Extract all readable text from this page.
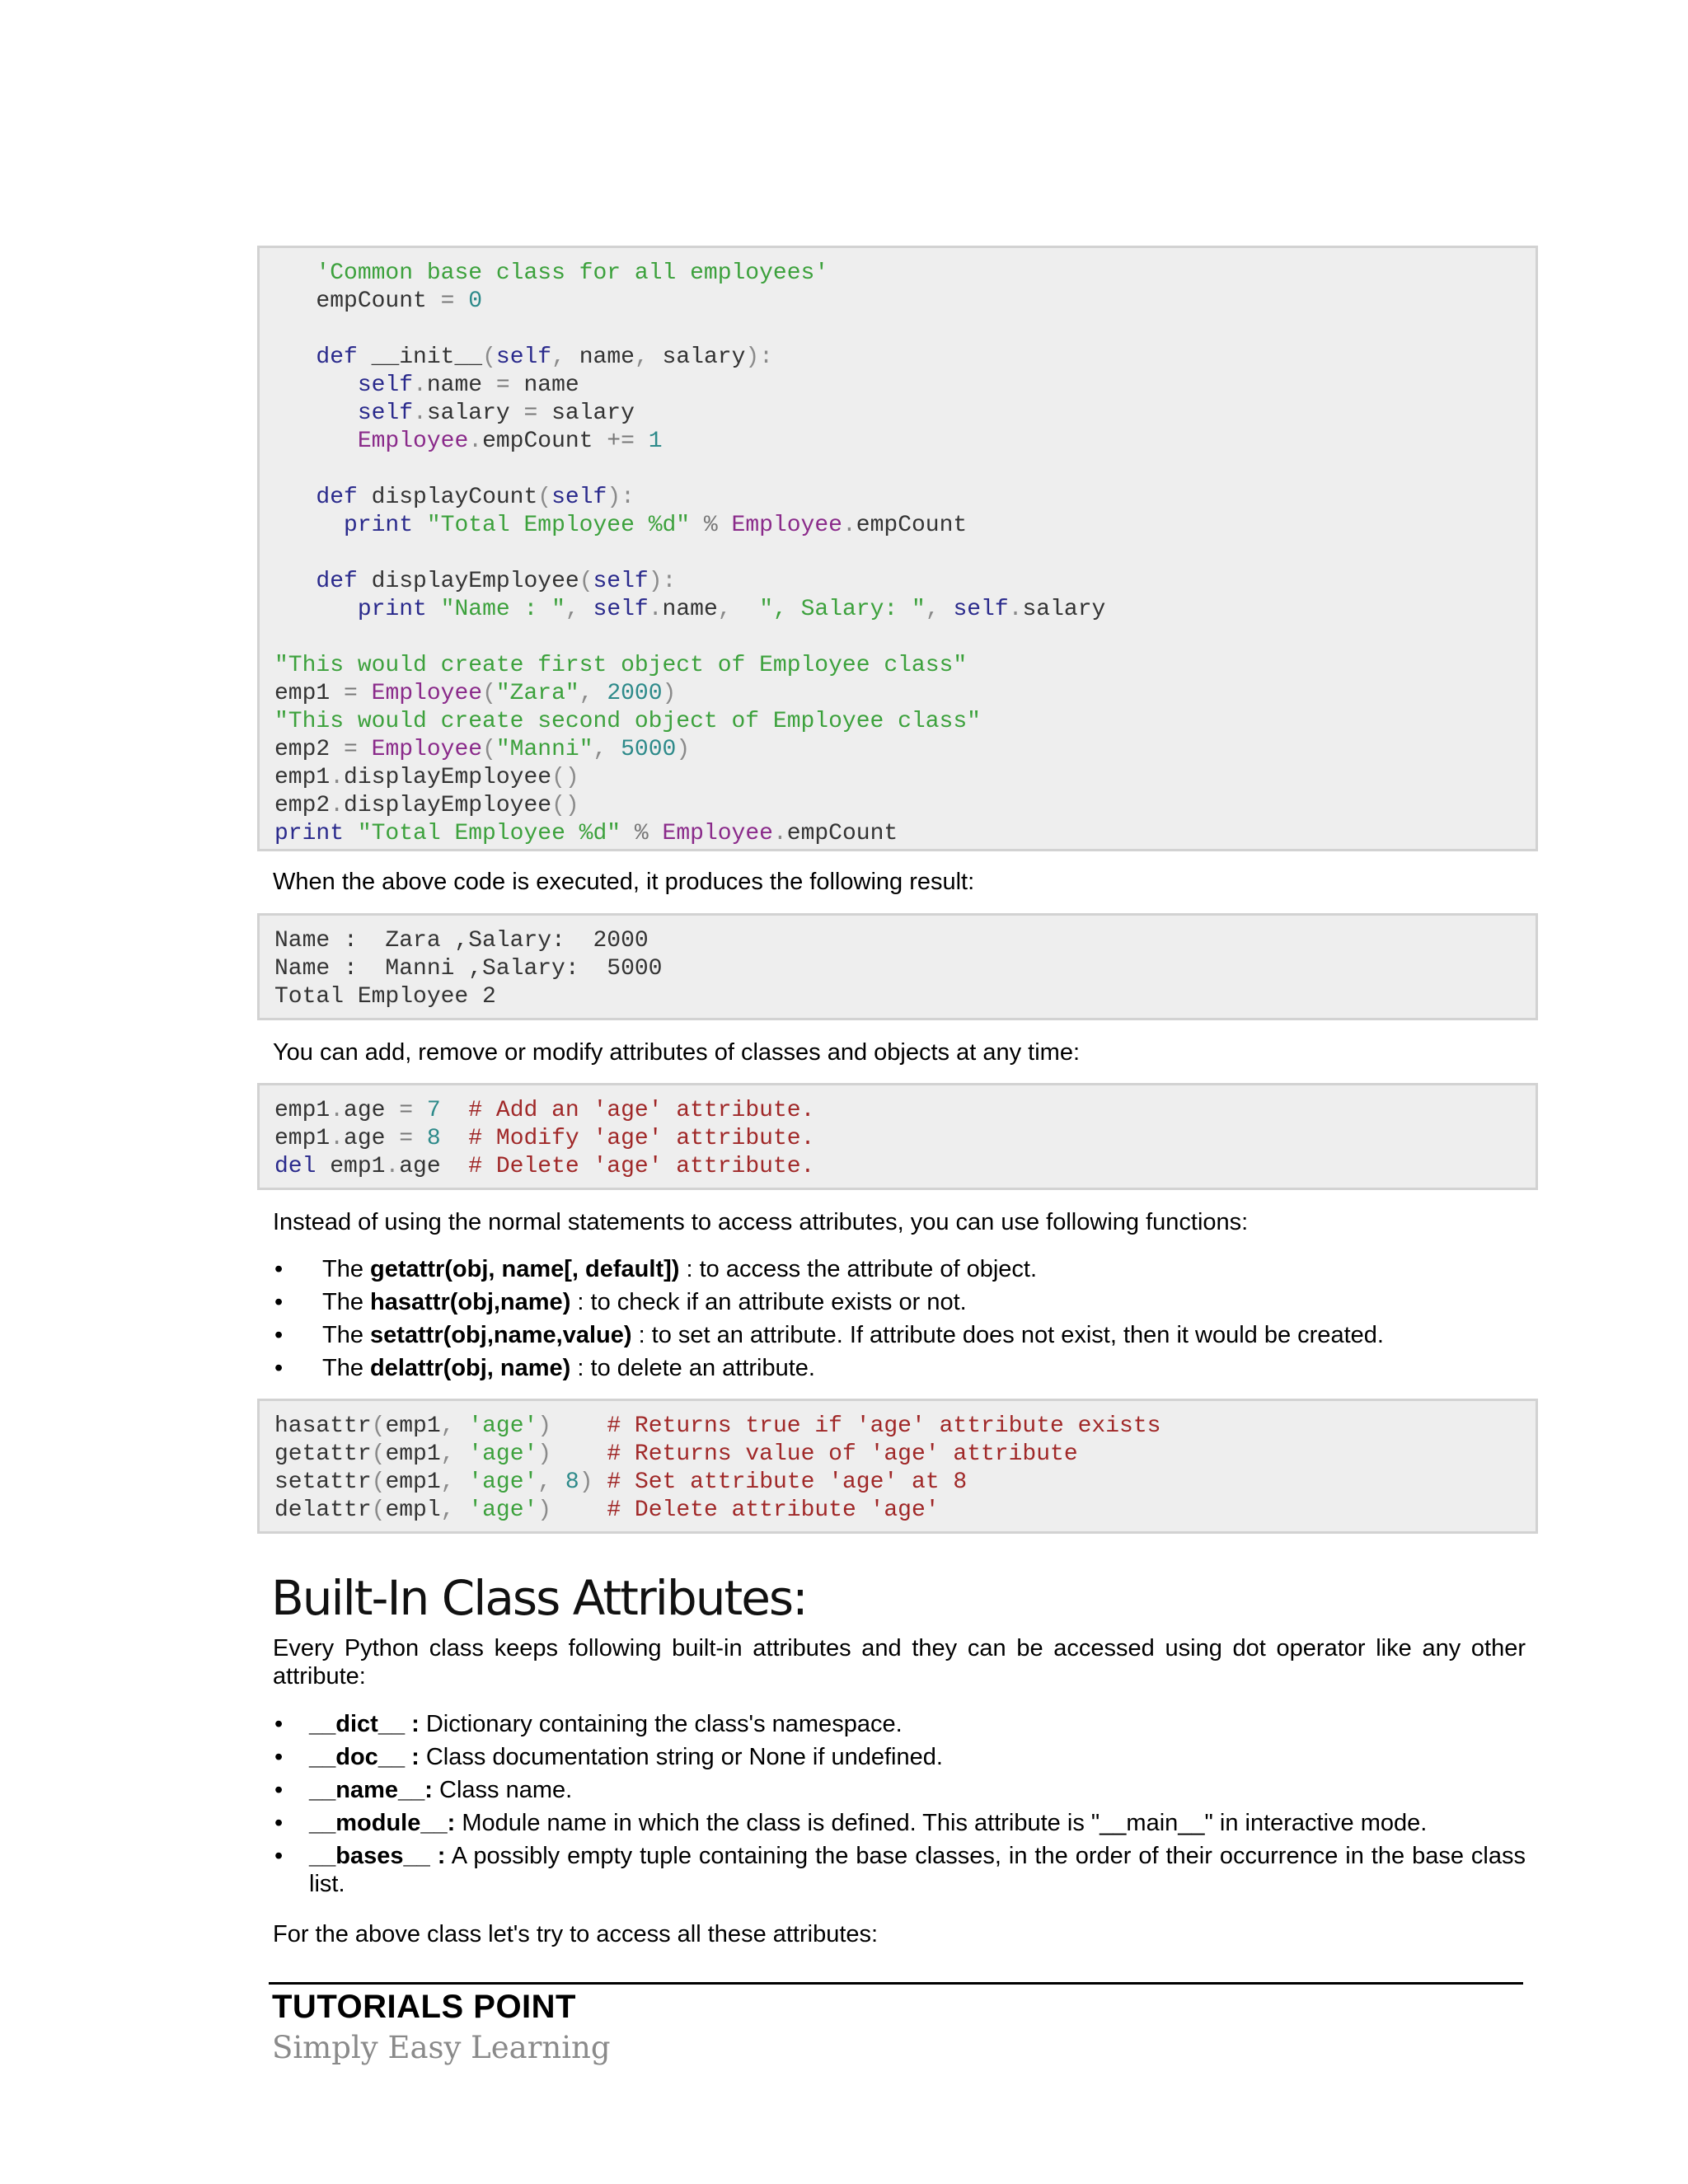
'Common base class for all employees'
empCount = 0
def __init__(self, name, salary):
self.name = name
self.salary = salary
Employee.empCount += 1
def displayCount(self):
print "Total Employee %d" % Employee.empCount
def displayEmployee(self):
print "Name : ", self.name, ", Salary: ", self.salary
"This would create first object of Employee class"
emp1 = Employee("Zara", 2000)
"This would create second object of Employee class"
emp2 = Employee("Manni", 5000)
emp1.displayEmployee()
emp2.displayEmployee()
print "Total Employee %d" % Employee.empCount

When the above code is executed, it produces the following result:

Name :  Zara ,Salary:  2000
Name :  Manni ,Salary:  5000
Total Employee 2

You can add, remove or modify attributes of classes and objects at any time:

emp1.age = 7 # Add an 'age' attribute.
emp1.age = 8 # Modify 'age' attribute.
del emp1.age  # Delete 'age' attribute.

Instead of using the normal statements to access attributes, you can use following functions:

• The getattr(obj, name[, default]) : to access the attribute of object.
• The hasattr(obj,name) : to check if an attribute exists or not.
• The setattr(obj,name,value) : to set an attribute. If attribute does not exist, then it would be created.
• The delattr(obj, name) : to delete an attribute.
hasattr(emp1, 'age') # Returns true if 'age' attribute exists
getattr(emp1, 'age') # Returns value of 'age' attribute
setattr(emp1, 'age', 8) # Set attribute 'age' at 8
delattr(empl, 'age') # Delete attribute 'age'
Built-In Class Attributes:

Every Python class keeps following built-in attributes and they can be accessed using dot operator like any other attribute:

• __dict__ : Dictionary containing the class's namespace.
• __doc__ : Class documentation string or None if undefined.
• __name__: Class name.
• __module__: Module name in which the class is defined. This attribute is "__main__" in interactive mode.
• __bases__ : A possibly empty tuple containing the base classes, in the order of their occurrence in the base class list.

For the above class let's try to access all these attributes:

TUTORIALS POINT
Simply Easy Learning
